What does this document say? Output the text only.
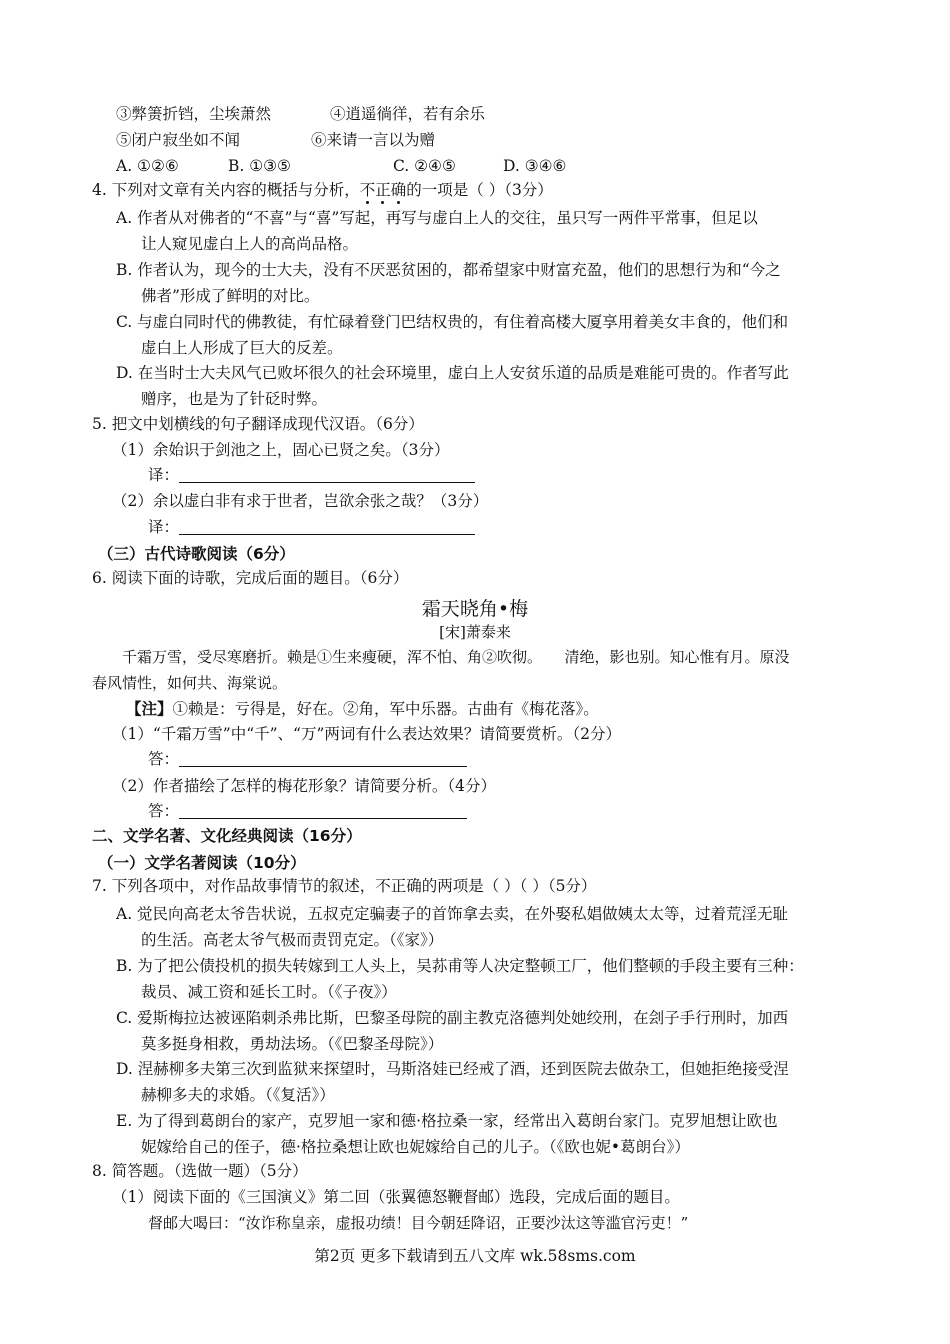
③弊箦折铛，尘埃萧然	④逍遥徜徉，若有余乐
⑤闭户寂坐如不闻	⑥来请一言以为赠
A. ①②⑥	B. ①③⑤	C. ②④⑤	D. ③④⑥
4. 下列对文章有关内容的概括与分析，不正确的一项是（ ）（3分）
A. 作者从对佛者的“不喜”与“喜”写起，再写与虚白上人的交往，虽只写一两件平常事，但足以
让人窥见虚白上人的高尚品格。
B. 作者认为，现今的士大夫，没有不厌恶贫困的，都希望家中财富充盈，他们的思想行为和“今之
佛者”形成了鲜明的对比。
C. 与虚白同时代的佛教徒，有忙碌着登门巴结权贵的，有住着高楼大厦享用着美女丰食的，他们和
虚白上人形成了巨大的反差。
D. 在当时士大夫风气已败坏很久的社会环境里，虚白上人安贫乐道的品质是难能可贵的。作者写此
赠序，也是为了针砭时弊。
5. 把文中划横线的句子翻译成现代汉语。（6分）
（1）余始识于剑池之上，固心已贤之矣。（3分）
译：
（2）余以虚白非有求于世者，岂欲余张之哉？（3分）
译：
（三）古代诗歌阅读（6分）
6. 阅读下面的诗歌，完成后面的题目。（6分）
霜天晓角•梅
[宋]萧泰来
千霜万雪，受尽寒磨折。赖是①生来瘦硬，浑不怕、角②吹彻。　　清绝，影也别。知心惟有月。原没
春风情性，如何共、海棠说。
【注】①赖是：亏得是，好在。②角，军中乐器。古曲有《梅花落》。
（1）“千霜万雪”中“千”、“万”两词有什么表达效果？请简要赏析。（2分）
答：
（2）作者描绘了怎样的梅花形象？请简要分析。（4分）
答：
二、文学名著、文化经典阅读（16分）
（一）文学名著阅读（10分）
7. 下列各项中，对作品故事情节的叙述，不正确的两项是（ ）（ ）（5分）
A. 觉民向高老太爷告状说，五叔克定骗妻子的首饰拿去卖，在外娶私娼做姨太太等，过着荒淫无耻
的生活。高老太爷气极而责罚克定。（《家》）
B. 为了把公债投机的损失转嫁到工人头上，吴荪甫等人决定整顿工厂，他们整顿的手段主要有三种：
裁员、减工资和延长工时。（《子夜》）
C. 爱斯梅拉达被诬陷刺杀弗比斯，巴黎圣母院的副主教克洛德判处她绞刑，在刽子手行刑时，加西
莫多挺身相救，勇劫法场。（《巴黎圣母院》）
D. 涅赫柳多夫第三次到监狱来探望时，马斯洛娃已经戒了酒，还到医院去做杂工，但她拒绝接受涅
赫柳多夫的求婚。（《复活》）
E. 为了得到葛朗台的家产，克罗旭一家和德·格拉桑一家，经常出入葛朗台家门。克罗旭想让欧也
妮嫁给自己的侄子，德·格拉桑想让欧也妮嫁给自己的儿子。（《欧也妮•葛朗台》）
8. 简答题。（选做一题）（5分）
（1）阅读下面的《三国演义》第二回（张翼德怒鞭督邮）选段，完成后面的题目。
督邮大喝曰：“汝诈称皇亲，虚报功绩！目今朝廷降诏，正要沙汰这等滥官污吏！”
第2页 更多下载请到五八文库 wk.58sms.com
